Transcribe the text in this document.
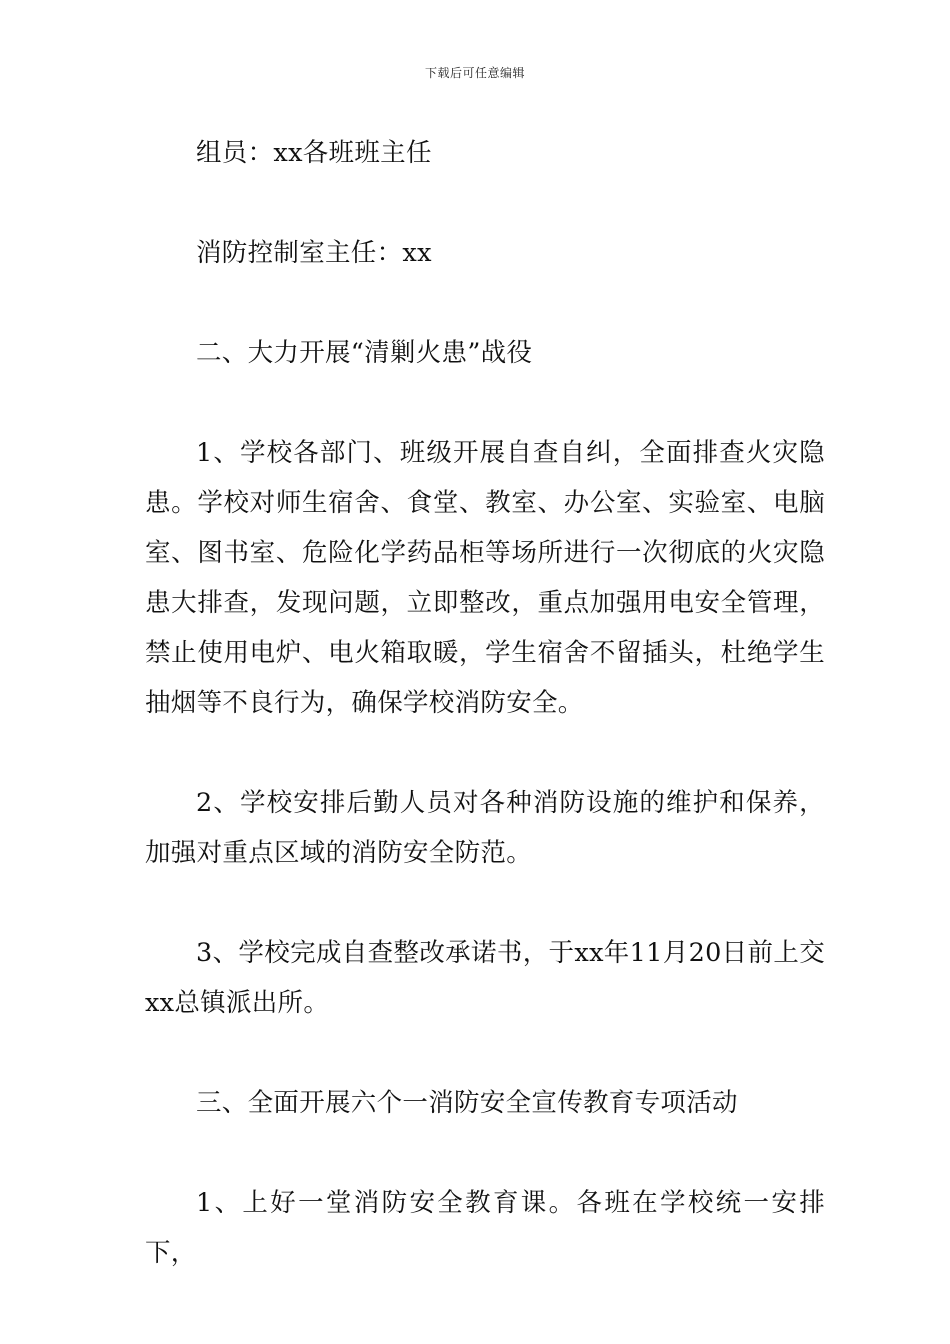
下载后可任意编辑

组员：xx各班班主任

消防控制室主任：xx

二、大力开展“清剿火患”战役

1、学校各部门、班级开展自查自纠，全面排查火灾隐患。学校对师生宿舍、食堂、教室、办公室、实验室、电脑室、图书室、危险化学药品柜等场所进行一次彻底的火灾隐患大排查，发现问题，立即整改，重点加强用电安全管理，禁止使用电炉、电火箱取暖，学生宿舍不留插头，杜绝学生抽烟等不良行为，确保学校消防安全。

2、学校安排后勤人员对各种消防设施的维护和保养，加强对重点区域的消防安全防范。

3、学校完成自查整改承诺书，于xx年11月20日前上交xx总镇派出所。

三、全面开展六个一消防安全宣传教育专项活动

1、上好一堂消防安全教育课。各班在学校统一安排下，
